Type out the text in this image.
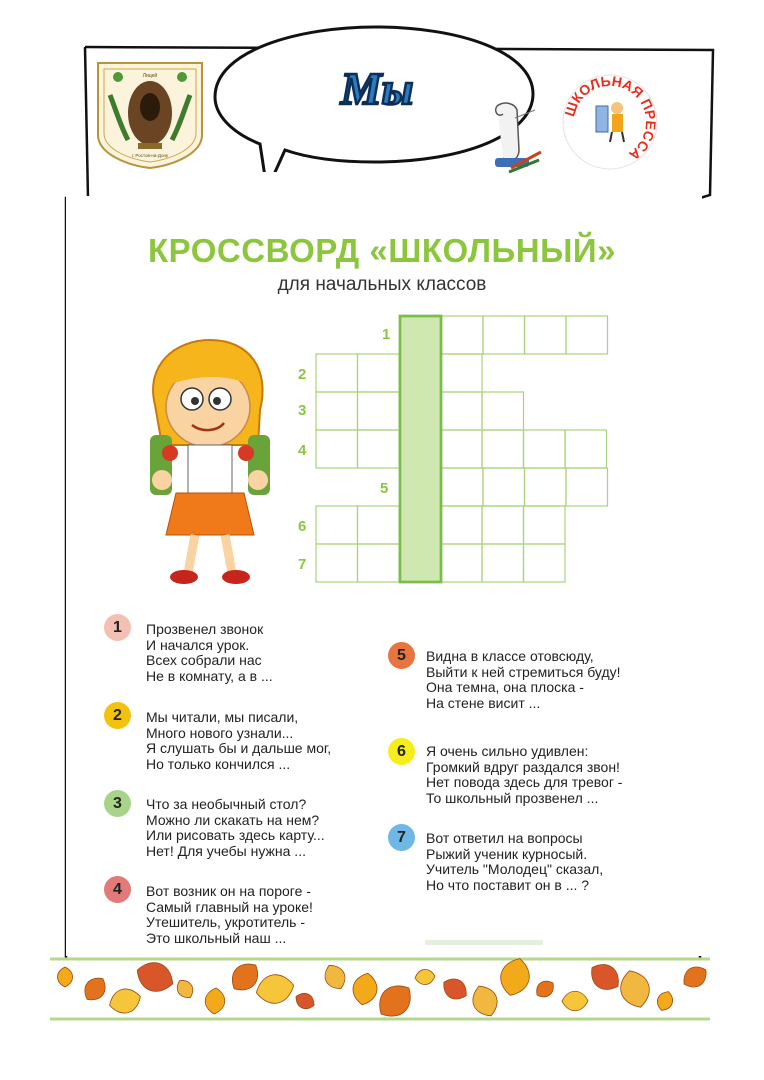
Мы
Лицей
г. Ростов-на-Дону
ШКОЛЬНАЯ ПРЕССА
КРОССВОРД «ШКОЛЬНЫЙ»
для начальных классов
1
2
3
4
5
6
7
1	Прозвенел звонок
И начался урок.
Всех собрали нас
Не в комнату, а в ...
2	Мы читали, мы писали,
Много нового узнали...
Я слушать бы и дальше мог,
Но только кончился ...
3	Что за необычный стол?
Можно ли скакать на нем?
Или рисовать здесь карту...
Нет! Для учебы нужна ...
4	Вот возник он на пороге -
Самый главный на уроке!
Утешитель, укротитель -
Это школьный наш ...
5	Видна в классе отовсюду,
Выйти к ней стремиться буду!
Она темна, она плоска -
На стене висит ...
6	Я очень сильно удивлен:
Громкий вдруг раздался звон!
Нет повода здесь для тревог -
То школьный прозвенел ...
7	Вот ответил на вопросы
Рыжий ученик курносый.
Учитель "Молодец" сказал,
Но что поставит он в ... ?
